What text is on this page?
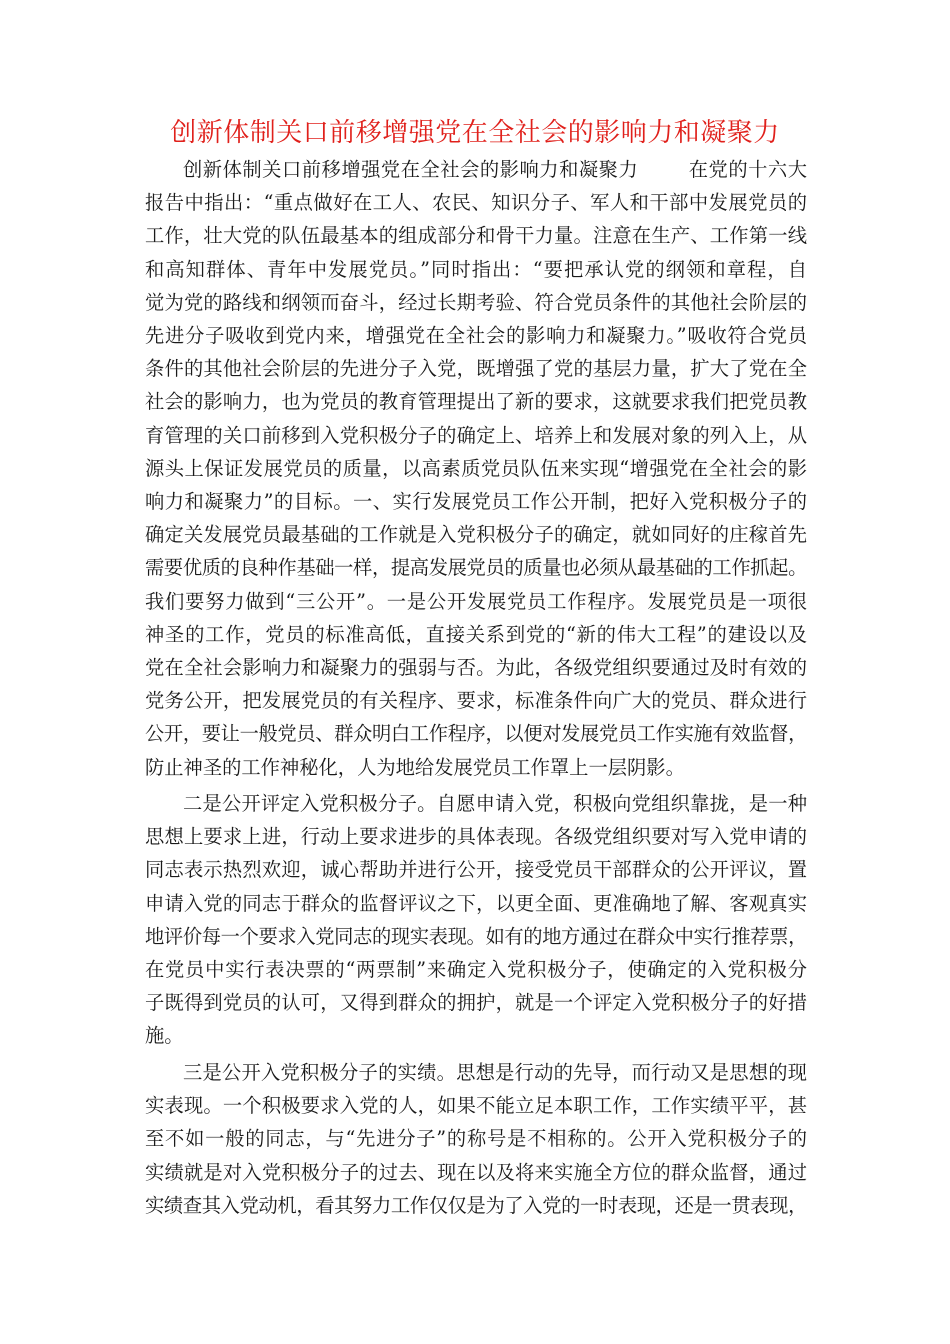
创新体制关口前移增强党在全社会的影响力和凝聚力
创新体制关口前移增强党在全社会的影响力和凝聚力	在党的十六大
报告中指出：“重点做好在工人、农民、知识分子、军人和干部中发展党员的
工作，壮大党的队伍最基本的组成部分和骨干力量。注意在生产、工作第一线
和高知群体、青年中发展党员。”同时指出：“要把承认党的纲领和章程，自
觉为党的路线和纲领而奋斗，经过长期考验、符合党员条件的其他社会阶层的
先进分子吸收到党内来，增强党在全社会的影响力和凝聚力。”吸收符合党员
条件的其他社会阶层的先进分子入党，既增强了党的基层力量，扩大了党在全
社会的影响力，也为党员的教育管理提出了新的要求，这就要求我们把党员教
育管理的关口前移到入党积极分子的确定上、培养上和发展对象的列入上，从
源头上保证发展党员的质量，以高素质党员队伍来实现“增强党在全社会的影
响力和凝聚力”的目标。一、实行发展党员工作公开制，把好入党积极分子的
确定关发展党员最基础的工作就是入党积极分子的确定，就如同好的庄稼首先
需要优质的良种作基础一样，提高发展党员的质量也必须从最基础的工作抓起。
我们要努力做到“三公开”。一是公开发展党员工作程序。发展党员是一项很
神圣的工作，党员的标准高低，直接关系到党的“新的伟大工程”的建设以及
党在全社会影响力和凝聚力的强弱与否。为此，各级党组织要通过及时有效的
党务公开，把发展党员的有关程序、要求，标准条件向广大的党员、群众进行
公开，要让一般党员、群众明白工作程序，以便对发展党员工作实施有效监督，
防止神圣的工作神秘化，人为地给发展党员工作罩上一层阴影。
二是公开评定入党积极分子。自愿申请入党，积极向党组织靠拢，是一种
思想上要求上进，行动上要求进步的具体表现。各级党组织要对写入党申请的
同志表示热烈欢迎，诚心帮助并进行公开，接受党员干部群众的公开评议，置
申请入党的同志于群众的监督评议之下，以更全面、更准确地了解、客观真实
地评价每一个要求入党同志的现实表现。如有的地方通过在群众中实行推荐票，
在党员中实行表决票的“两票制”来确定入党积极分子，使确定的入党积极分
子既得到党员的认可，又得到群众的拥护，就是一个评定入党积极分子的好措
施。
三是公开入党积极分子的实绩。思想是行动的先导，而行动又是思想的现
实表现。一个积极要求入党的人，如果不能立足本职工作，工作实绩平平，甚
至不如一般的同志，与“先进分子”的称号是不相称的。公开入党积极分子的
实绩就是对入党积极分子的过去、现在以及将来实施全方位的群众监督，通过
实绩查其入党动机，看其努力工作仅仅是为了入党的一时表现，还是一贯表现，
